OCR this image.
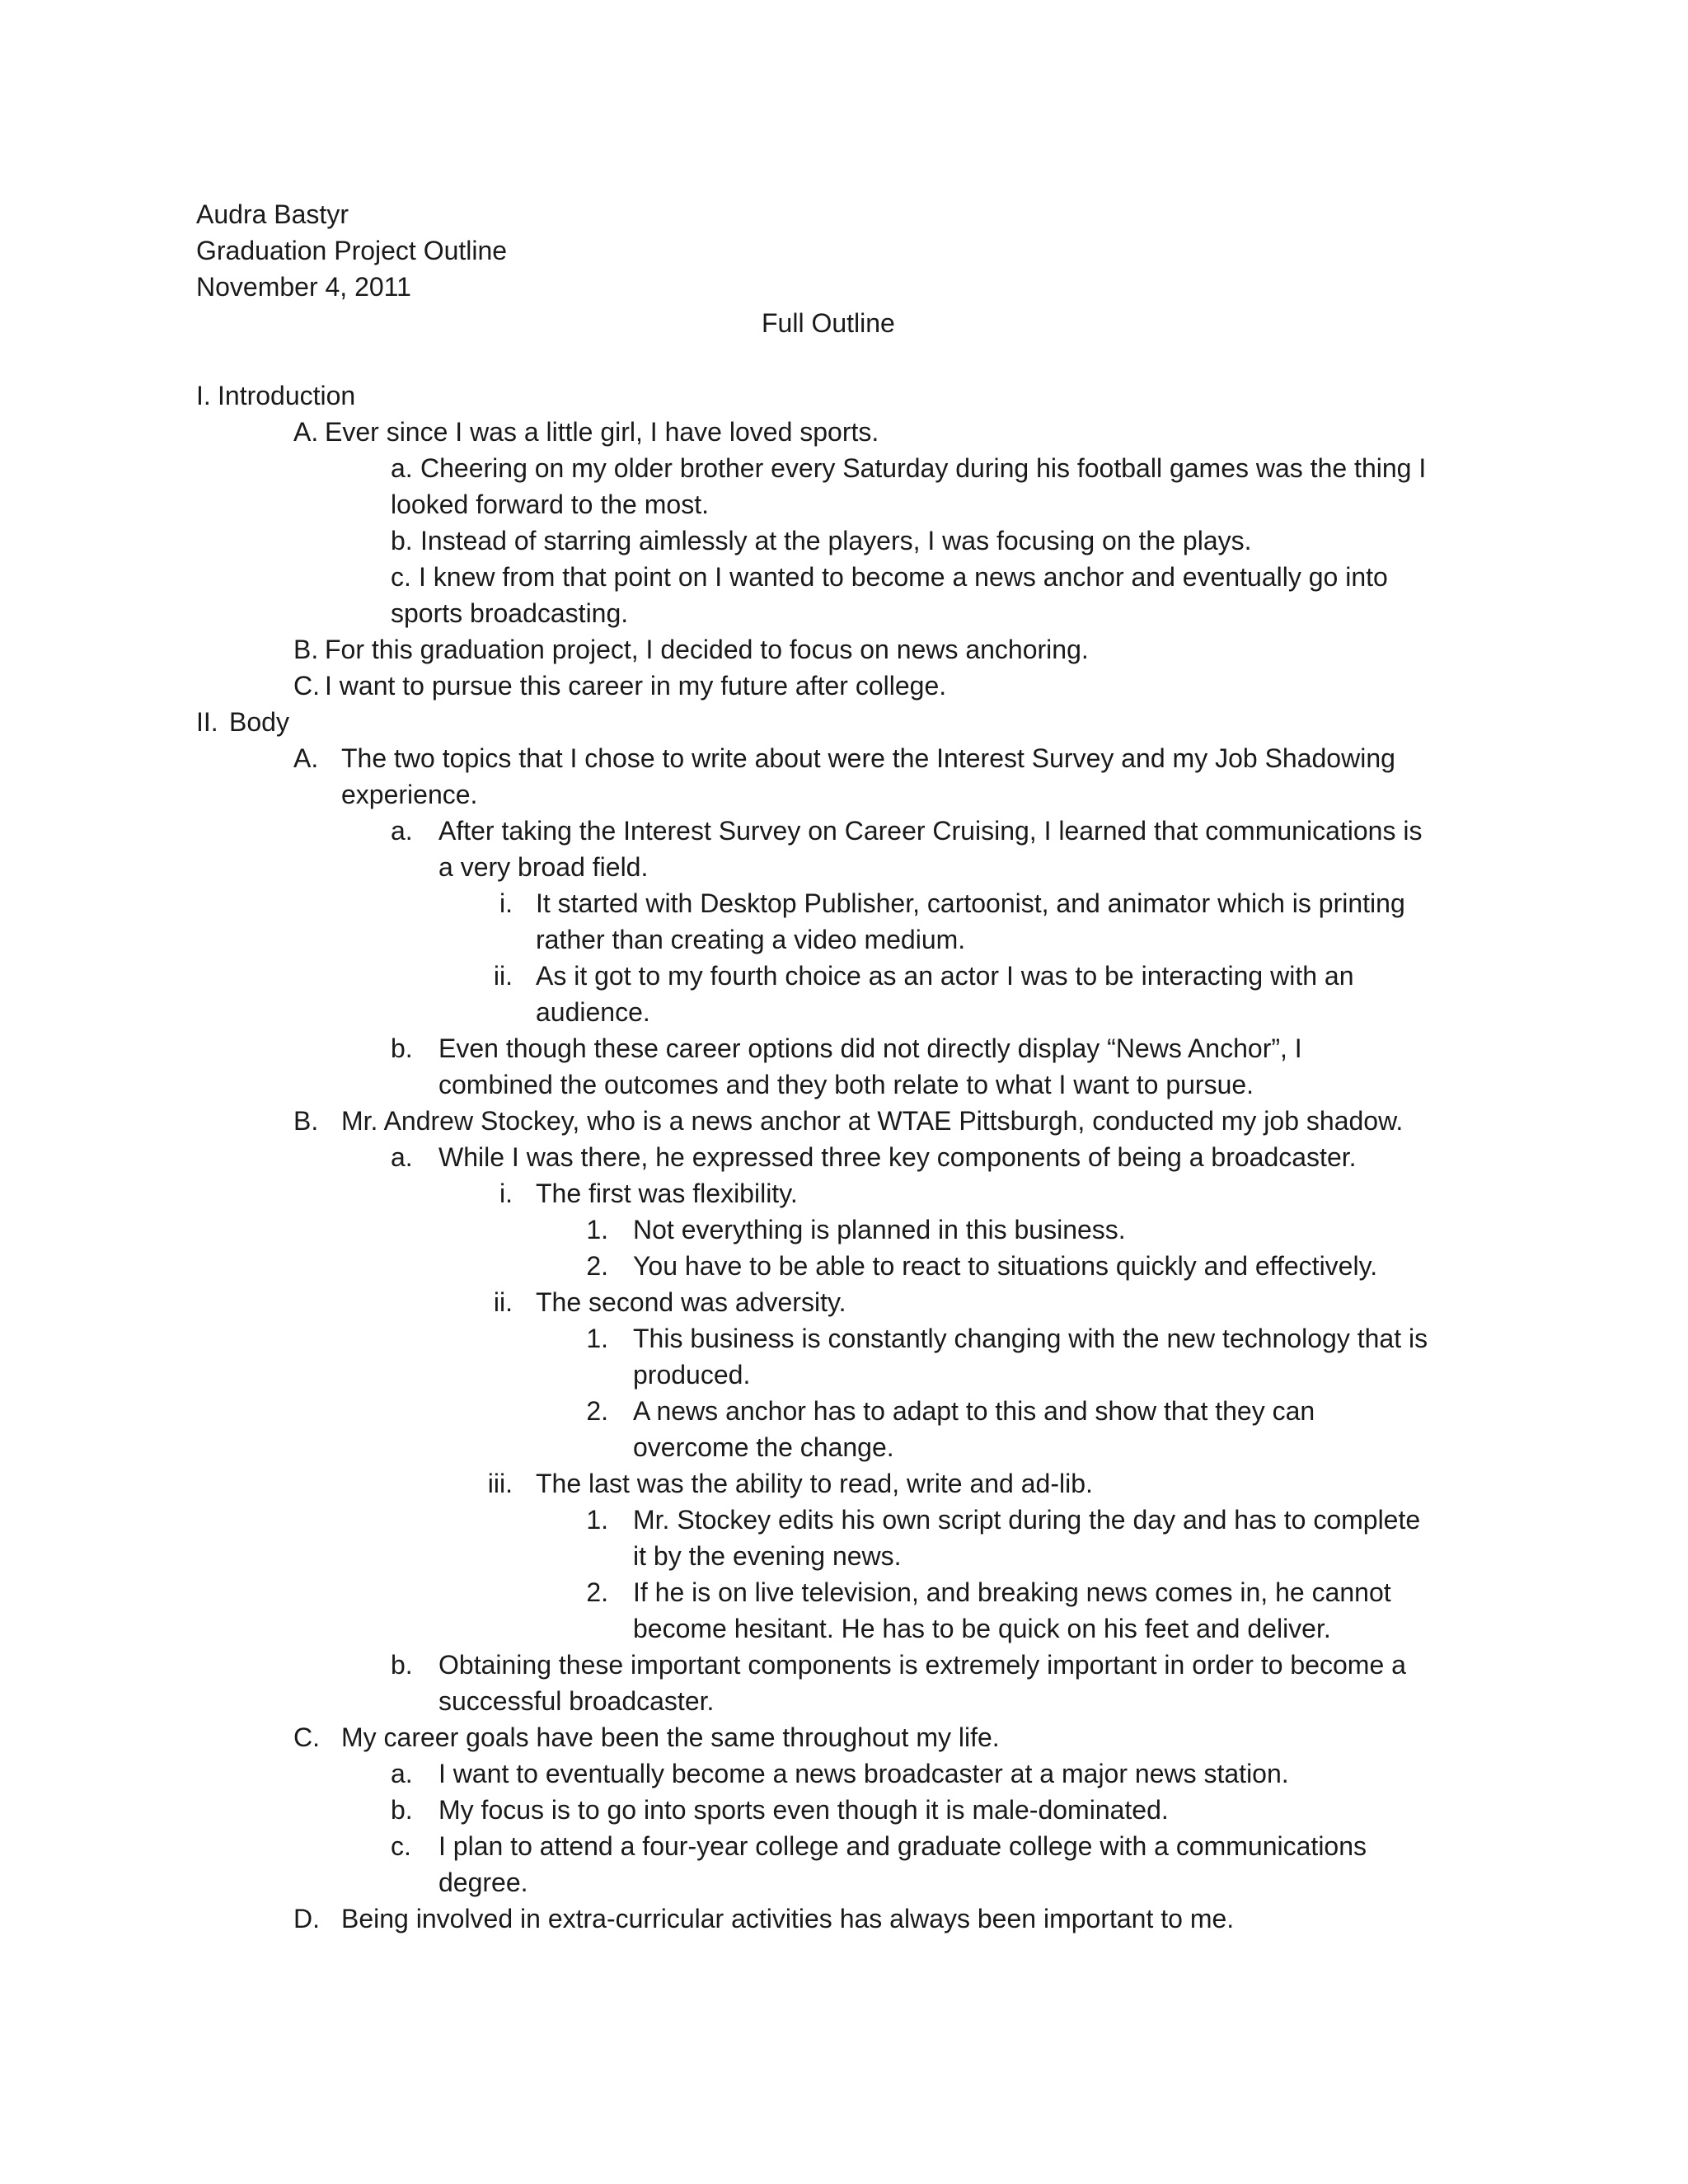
Audra Bastyr
Graduation Project Outline
November 4, 2011
Full Outline
I. Introduction
A. Ever since I was a little girl, I have loved sports.
a. Cheering on my older brother every Saturday during his football games was the thing I
looked forward to the most.
b. Instead of starring aimlessly at the players, I was focusing on the plays.
c. I knew from that point on I wanted to become a news anchor and eventually go into
sports broadcasting.
B. For this graduation project, I decided to focus on news anchoring.
C. I want to pursue this career in my future after college.
II. Body
A. The two topics that I chose to write about were the Interest Survey and my Job Shadowing
experience.
a. After taking the Interest Survey on Career Cruising, I learned that communications is
a very broad field.
i. It started with Desktop Publisher, cartoonist, and animator which is printing
rather than creating a video medium.
ii. As it got to my fourth choice as an actor I was to be interacting with an
audience.
b. Even though these career options did not directly display “News Anchor”, I
combined the outcomes and they both relate to what I want to pursue.
B. Mr. Andrew Stockey, who is a news anchor at WTAE Pittsburgh, conducted my job shadow.
a. While I was there, he expressed three key components of being a broadcaster.
i. The first was flexibility.
1. Not everything is planned in this business.
2. You have to be able to react to situations quickly and effectively.
ii. The second was adversity.
1. This business is constantly changing with the new technology that is
produced.
2. A news anchor has to adapt to this and show that they can
overcome the change.
iii. The last was the ability to read, write and ad-lib.
1. Mr. Stockey edits his own script during the day and has to complete
it by the evening news.
2. If he is on live television, and breaking news comes in, he cannot
become hesitant. He has to be quick on his feet and deliver.
b. Obtaining these important components is extremely important in order to become a
successful broadcaster.
C. My career goals have been the same throughout my life.
a. I want to eventually become a news broadcaster at a major news station.
b. My focus is to go into sports even though it is male-dominated.
c. I plan to attend a four-year college and graduate college with a communications
degree.
D. Being involved in extra-curricular activities has always been important to me.
